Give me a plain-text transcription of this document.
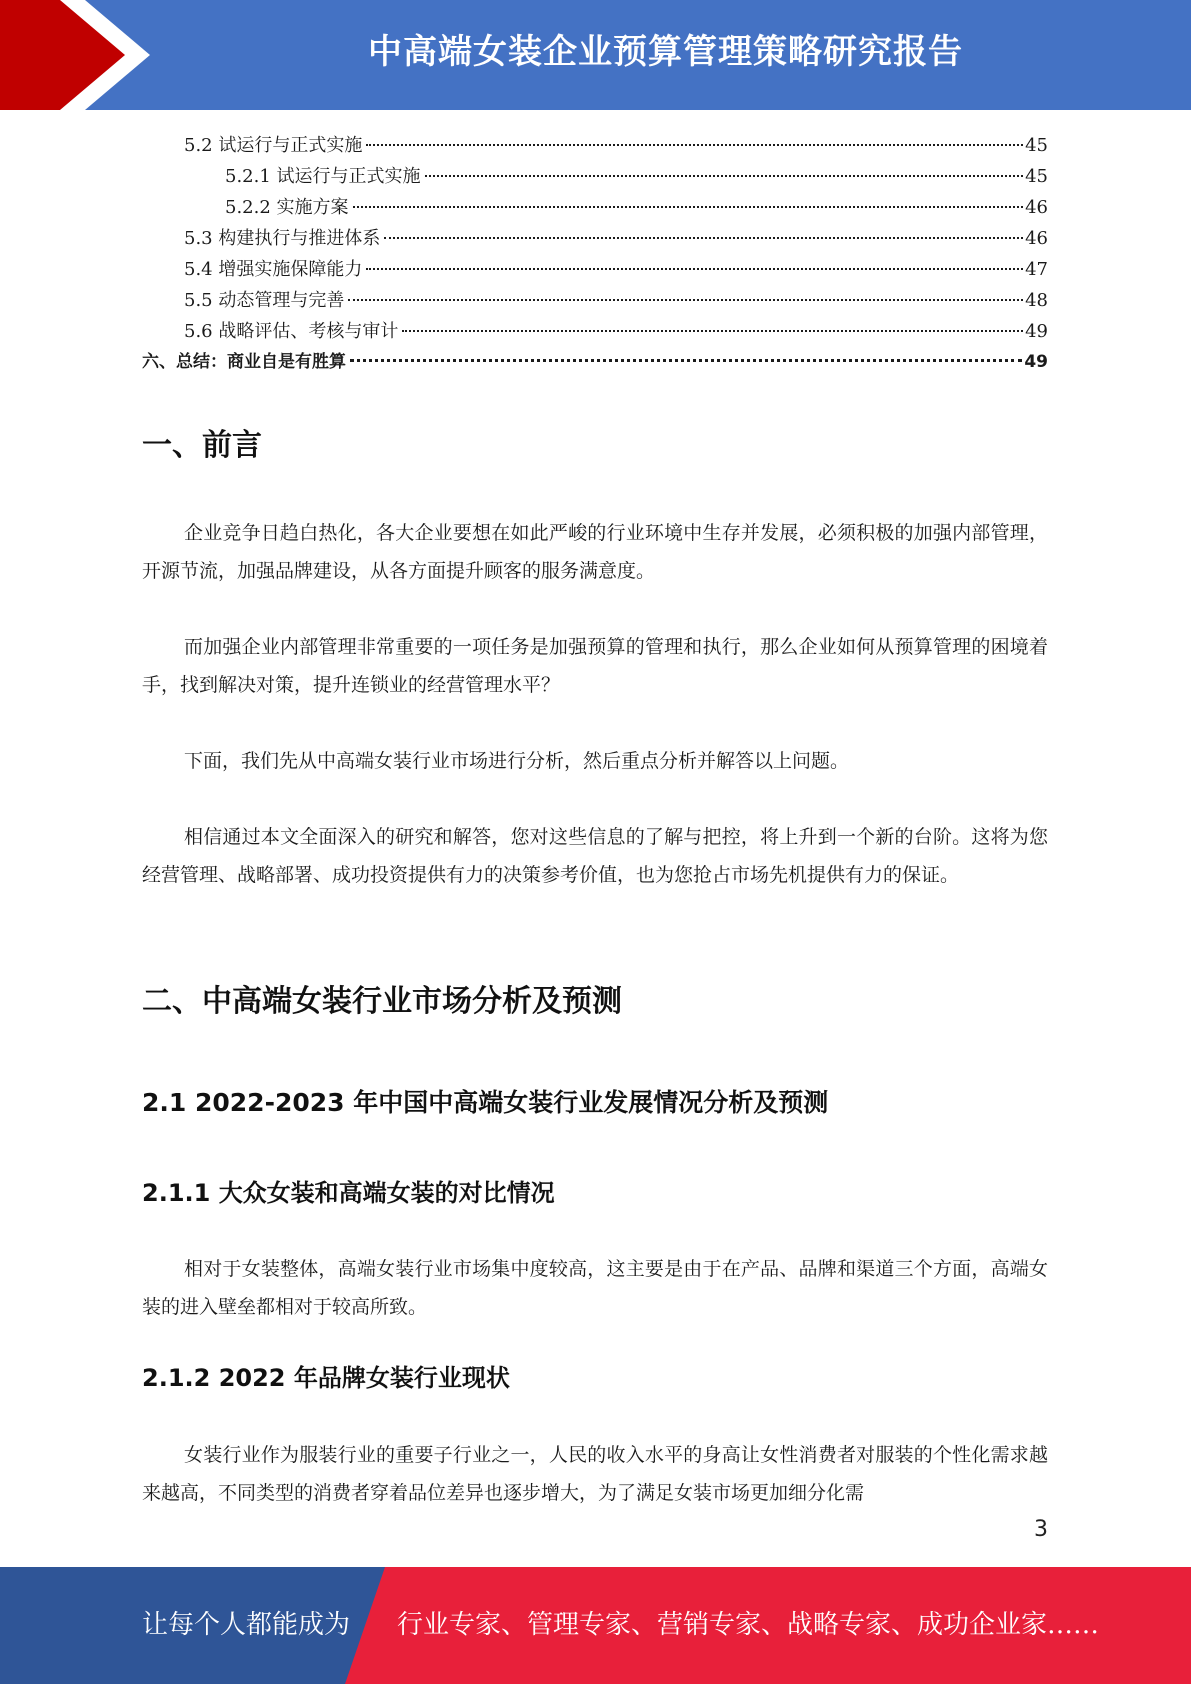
中高端女装企业预算管理策略研究报告
5.2 试运行与正式实施	45
5.2.1 试运行与正式实施	45
5.2.2 实施方案	46
5.3 构建执行与推进体系	46
5.4 增强实施保障能力	47
5.5 动态管理与完善	48
5.6 战略评估、考核与审计	49
六、总结：商业自是有胜算	49
一、前言

企业竞争日趋白热化，各大企业要想在如此严峻的行业环境中生存并发展，必须积极的加强内部管理，开源节流，加强品牌建设，从各方面提升顾客的服务满意度。

而加强企业内部管理非常重要的一项任务是加强预算的管理和执行，那么企业如何从预算管理的困境着手，找到解决对策，提升连锁业的经营管理水平？

下面，我们先从中高端女装行业市场进行分析，然后重点分析并解答以上问题。

相信通过本文全面深入的研究和解答，您对这些信息的了解与把控，将上升到一个新的台阶。这将为您经营管理、战略部署、成功投资提供有力的决策参考价值，也为您抢占市场先机提供有力的保证。

二、中高端女装行业市场分析及预测
2.1 2022-2023 年中国中高端女装行业发展情况分析及预测
2.1.1 大众女装和高端女装的对比情况

相对于女装整体，高端女装行业市场集中度较高，这主要是由于在产品、品牌和渠道三个方面，高端女装的进入壁垒都相对于较高所致。

2.1.2 2022 年品牌女装行业现状

女装行业作为服装行业的重要子行业之一，人民的收入水平的身高让女性消费者对服装的个性化需求越来越高，不同类型的消费者穿着品位差异也逐步增大，为了满足女装市场更加细分化需

3
让每个人都能成为 行业专家、管理专家、营销专家、战略专家、成功企业家……
